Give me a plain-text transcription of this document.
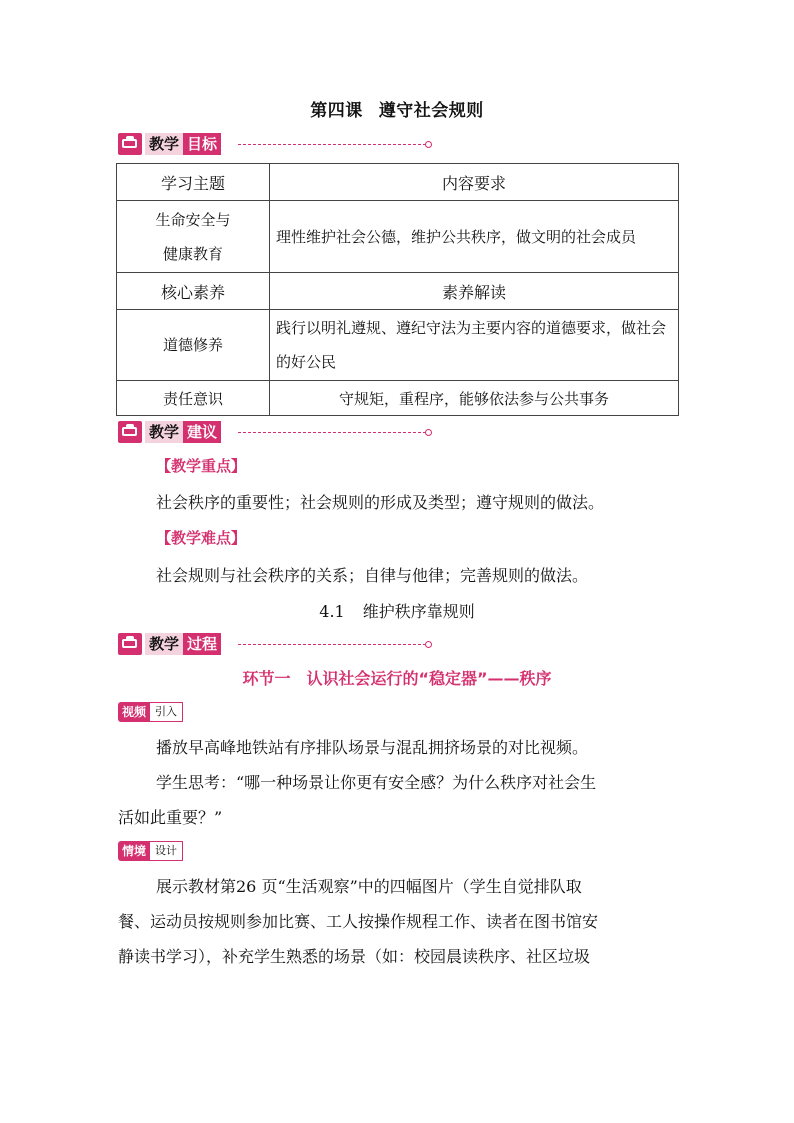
第四课 遵守社会规则
教学 目标
学习主题	内容要求

生命安全与
健康教育	理性维护社会公德，维护公共秩序，做文明的社会成员
核心素养	素养解读
道德修养	践行以明礼遵规、遵纪守法为主要内容的道德要求，做社会的好公民
责任意识	守规矩，重程序，能够依法参与公共事务
教学 建议
【教学重点】
社会秩序的重要性；社会规则的形成及类型；遵守规则的做法。
【教学难点】
社会规则与社会秩序的关系；自律与他律；完善规则的做法。
4.1 维护秩序靠规则
教学 过程
环节一　认识社会运行的“稳定器”——秩序
视频 引入
播放早高峰地铁站有序排队场景与混乱拥挤场景的对比视频。
学生思考：“哪一种场景让你更有安全感？为什么秩序对社会生
活如此重要？”
情境 设计
展示教材第26 页“生活观察”中的四幅图片（学生自觉排队取
餐、运动员按规则参加比赛、工人按操作规程工作、读者在图书馆安
静读书学习），补充学生熟悉的场景（如：校园晨读秩序、社区垃圾
